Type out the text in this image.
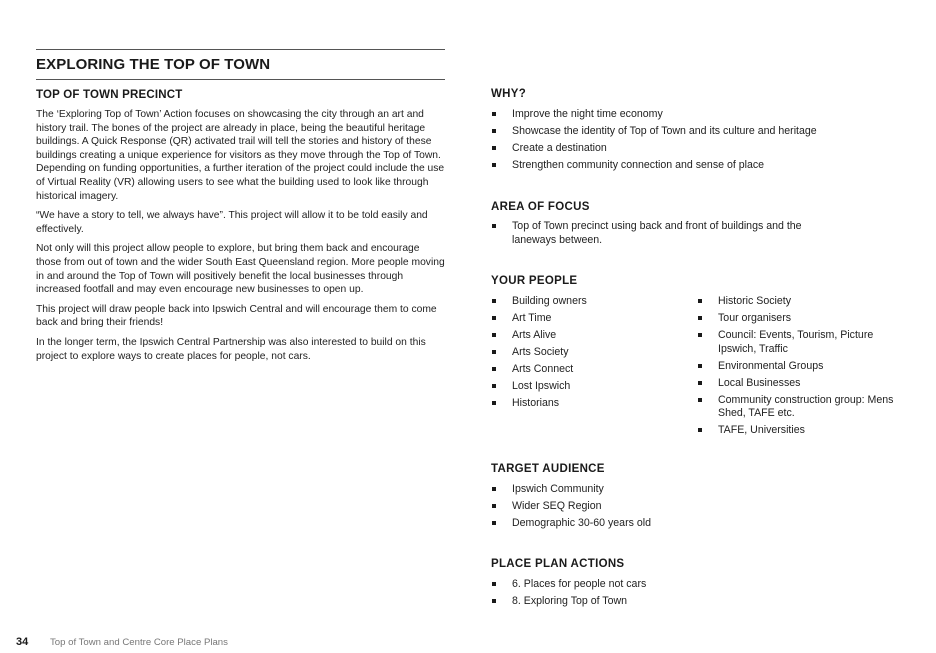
EXPLORING THE TOP OF TOWN
TOP OF TOWN PRECINCT

The ‘Exploring Top of Town’ Action focuses on showcasing the city through an art and history trail. The bones of the project are already in place, being the beautiful heritage buildings. A Quick Response (QR) activated trail will tell the stories and history of these buildings creating a unique experience for visitors as they move through the Top of Town. Depending on funding opportunities, a further iteration of the project could include the use of Virtual Reality (VR) allowing users to see what the building used to look like through historical imagery.

“We have a story to tell, we always have”. This project will allow it to be told easily and effectively.

Not only will this project allow people to explore, but bring them back and encourage those from out of town and the wider South East Queensland region. More people moving in and around the Top of Town will positively benefit the local businesses through increased footfall and may even encourage new businesses to open up.

This project will draw people back into Ipswich Central and will encourage them to come back and bring their friends!

In the longer term, the Ipswich Central Partnership was also interested to build on this project to explore ways to create places for people, not cars.

WHY?
Improve the night time economy
Showcase the identity of Top of Town and its culture and heritage
Create a destination
Strengthen community connection and sense of place
AREA OF FOCUS
Top of Town precinct using back and front of buildings and the laneways between.
YOUR PEOPLE
Building owners
Art Time
Arts Alive
Arts Society
Arts Connect
Lost Ipswich
Historians
Historic Society
Tour organisers
Council: Events, Tourism, Picture Ipswich, Traffic
Environmental Groups
Local Businesses
Community construction group: Mens Shed, TAFE etc.
TAFE, Universities
TARGET AUDIENCE
Ipswich Community
Wider SEQ Region
Demographic 30-60 years old
PLACE PLAN ACTIONS
6. Places for people not cars
8. Exploring Top of Town
34 Top of Town and Centre Core Place Plans
